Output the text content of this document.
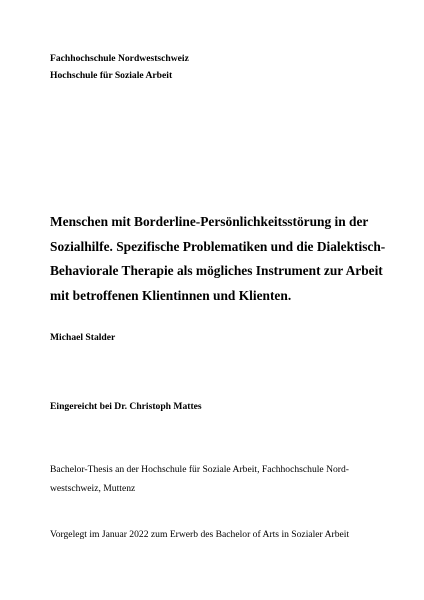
Fachhochschule Nordwestschweiz
Hochschule für Soziale Arbeit
Menschen mit Borderline-Persönlichkeitsstörung in der
Sozialhilfe. Spezifische Problematiken und die Dialektisch-
Behaviorale Therapie als mögliches Instrument zur Arbeit
mit betroffenen Klientinnen und Klienten.
Michael Stalder
Eingereicht bei Dr. Christoph Mattes
Bachelor-Thesis an der Hochschule für Soziale Arbeit, Fachhochschule Nord-
westschweiz, Muttenz
Vorgelegt im Januar 2022 zum Erwerb des Bachelor of Arts in Sozialer Arbeit
